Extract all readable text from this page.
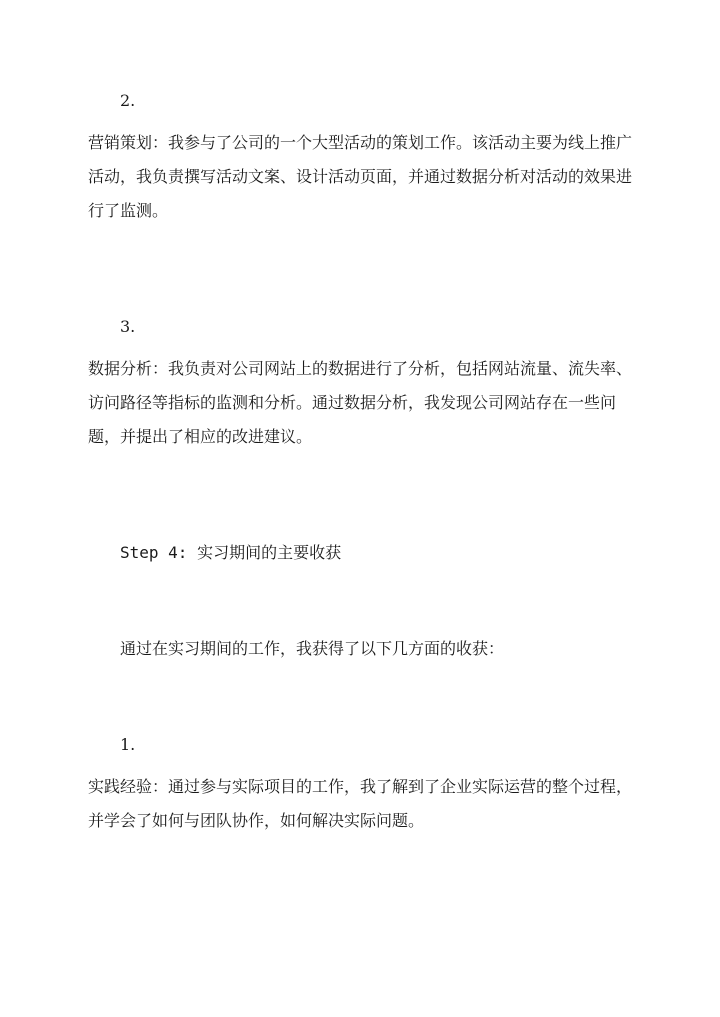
2.

营销策划：我参与了公司的一个大型活动的策划工作。该活动主要为线上推广活动，我负责撰写活动文案、设计活动页面，并通过数据分析对活动的效果进行了监测。

3.

数据分析：我负责对公司网站上的数据进行了分析，包括网站流量、流失率、访问路径等指标的监测和分析。通过数据分析，我发现公司网站存在一些问题，并提出了相应的改进建议。

Step 4: 实习期间的主要收获

通过在实习期间的工作，我获得了以下几方面的收获：

1.

实践经验：通过参与实际项目的工作，我了解到了企业实际运营的整个过程，并学会了如何与团队协作，如何解决实际问题。
